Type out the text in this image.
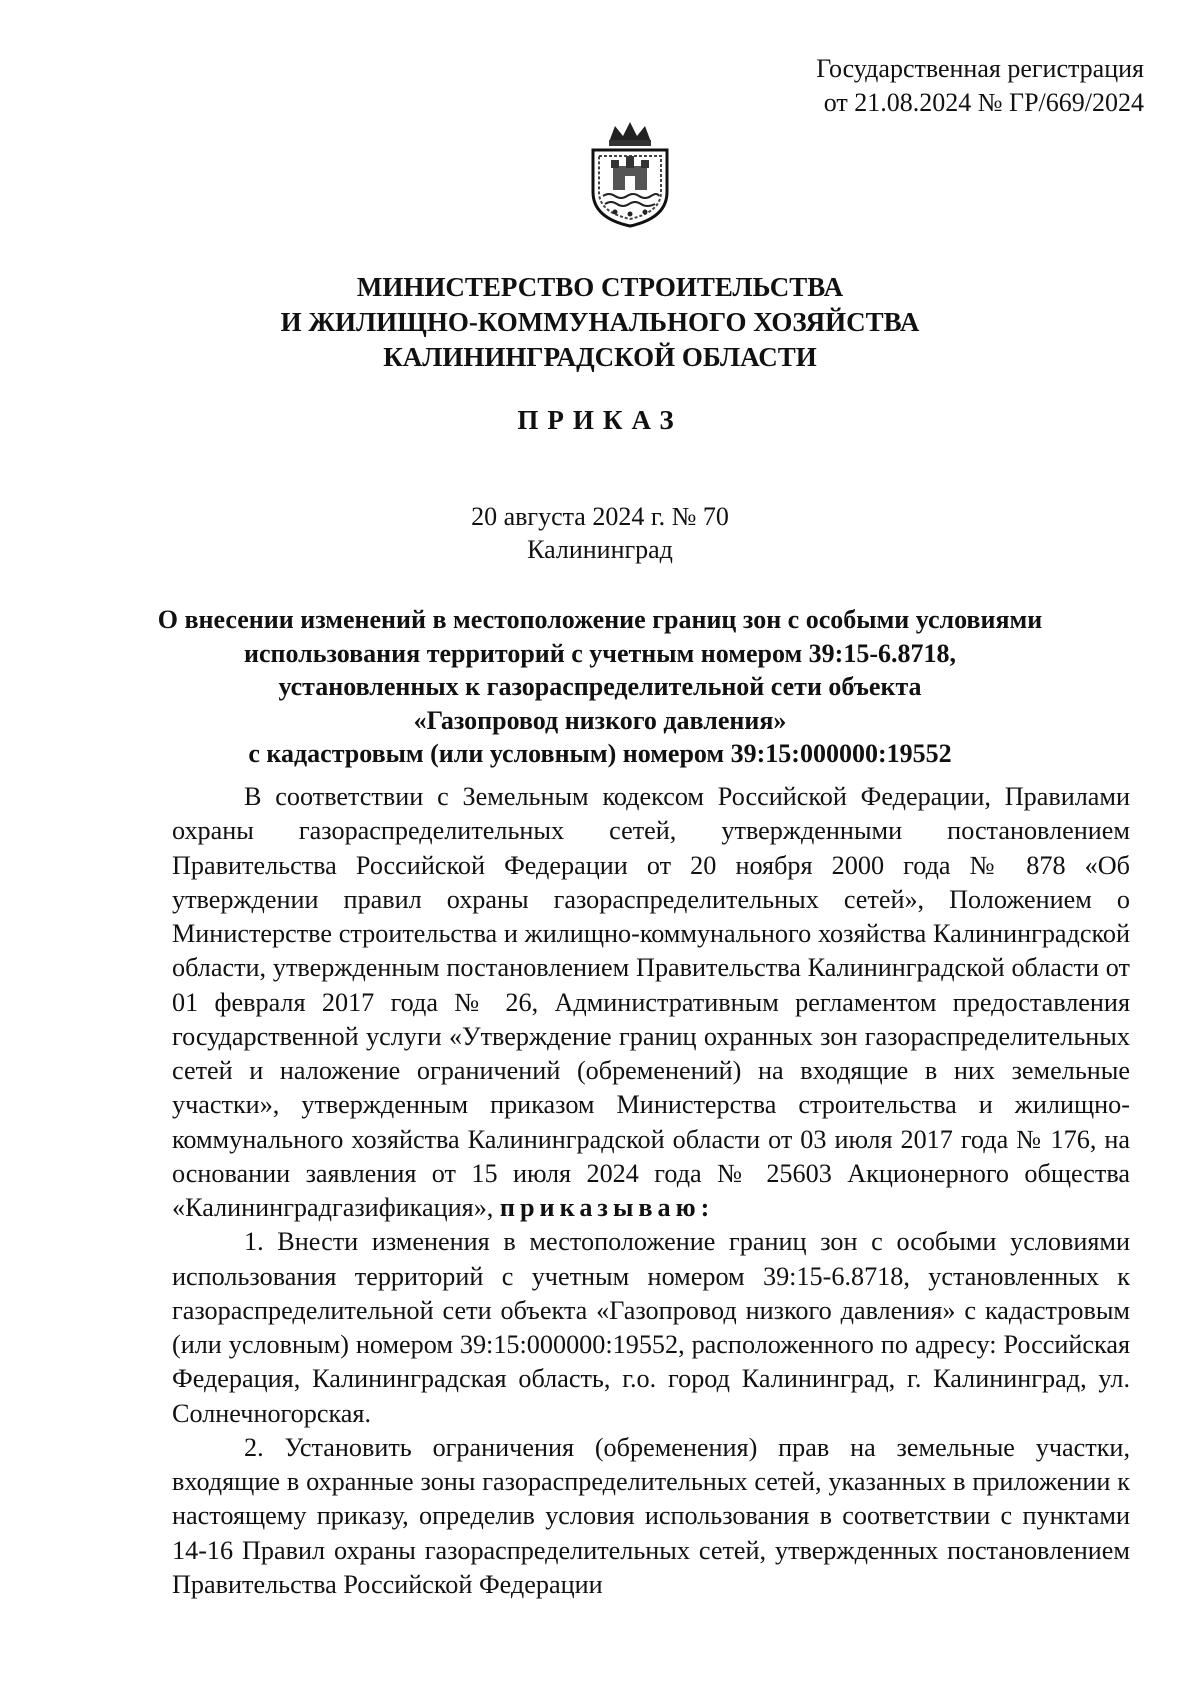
Государственная регистрация
от 21.08.2024 № ГР/669/2024
МИНИСТЕРСТВО СТРОИТЕЛЬСТВА
И ЖИЛИЩНО-КОММУНАЛЬНОГО ХОЗЯЙСТВА
КАЛИНИНГРАДСКОЙ ОБЛАСТИ
ПРИКАЗ
20 августа 2024 г. № 70
Калининград
О внесении изменений в местоположение границ зон с особыми условиями
использования территорий с учетным номером 39:15-6.8718,
установленных к газораспределительной сети объекта
«Газопровод низкого давления»
с кадастровым (или условным) номером 39:15:000000:19552

В соответствии с Земельным кодексом Российской Федерации, Правилами охраны газораспределительных сетей, утвержденными постановлением Правительства Российской Федерации от 20 ноября 2000 года № 878 «Об утверждении правил охраны газораспределительных сетей», Положением о Министерстве строительства и жилищно-коммунального хозяйства Калининградской области, утвержденным постановлением Правительства Калининградской области от 01 февраля 2017 года № 26, Административным регламентом предоставления государственной услуги «Утверждение границ охранных зон газораспределительных сетей и наложение ограничений (обременений) на входящие в них земельные участки», утвержденным приказом Министерства строительства и жилищно-коммунального хозяйства Калининградской области от 03 июля 2017 года № 176, на основании заявления от 15 июля 2024 года № 25603 Акционерного общества «Калининградгазификация», приказываю:

1. Внести изменения в местоположение границ зон с особыми условиями использования территорий с учетным номером 39:15-6.8718, установленных к газораспределительной сети объекта «Газопровод низкого давления» с кадастровым (или условным) номером 39:15:000000:19552, расположенного по адресу: Российская Федерация, Калининградская область, г.о. город Калининград, г. Калининград, ул. Солнечногорская.

2. Установить ограничения (обременения) прав на земельные участки, входящие в охранные зоны газораспределительных сетей, указанных в приложении к настоящему приказу, определив условия использования в соответствии с пунктами 14-16 Правил охраны газораспределительных сетей, утвержденных постановлением Правительства Российской Федерации
